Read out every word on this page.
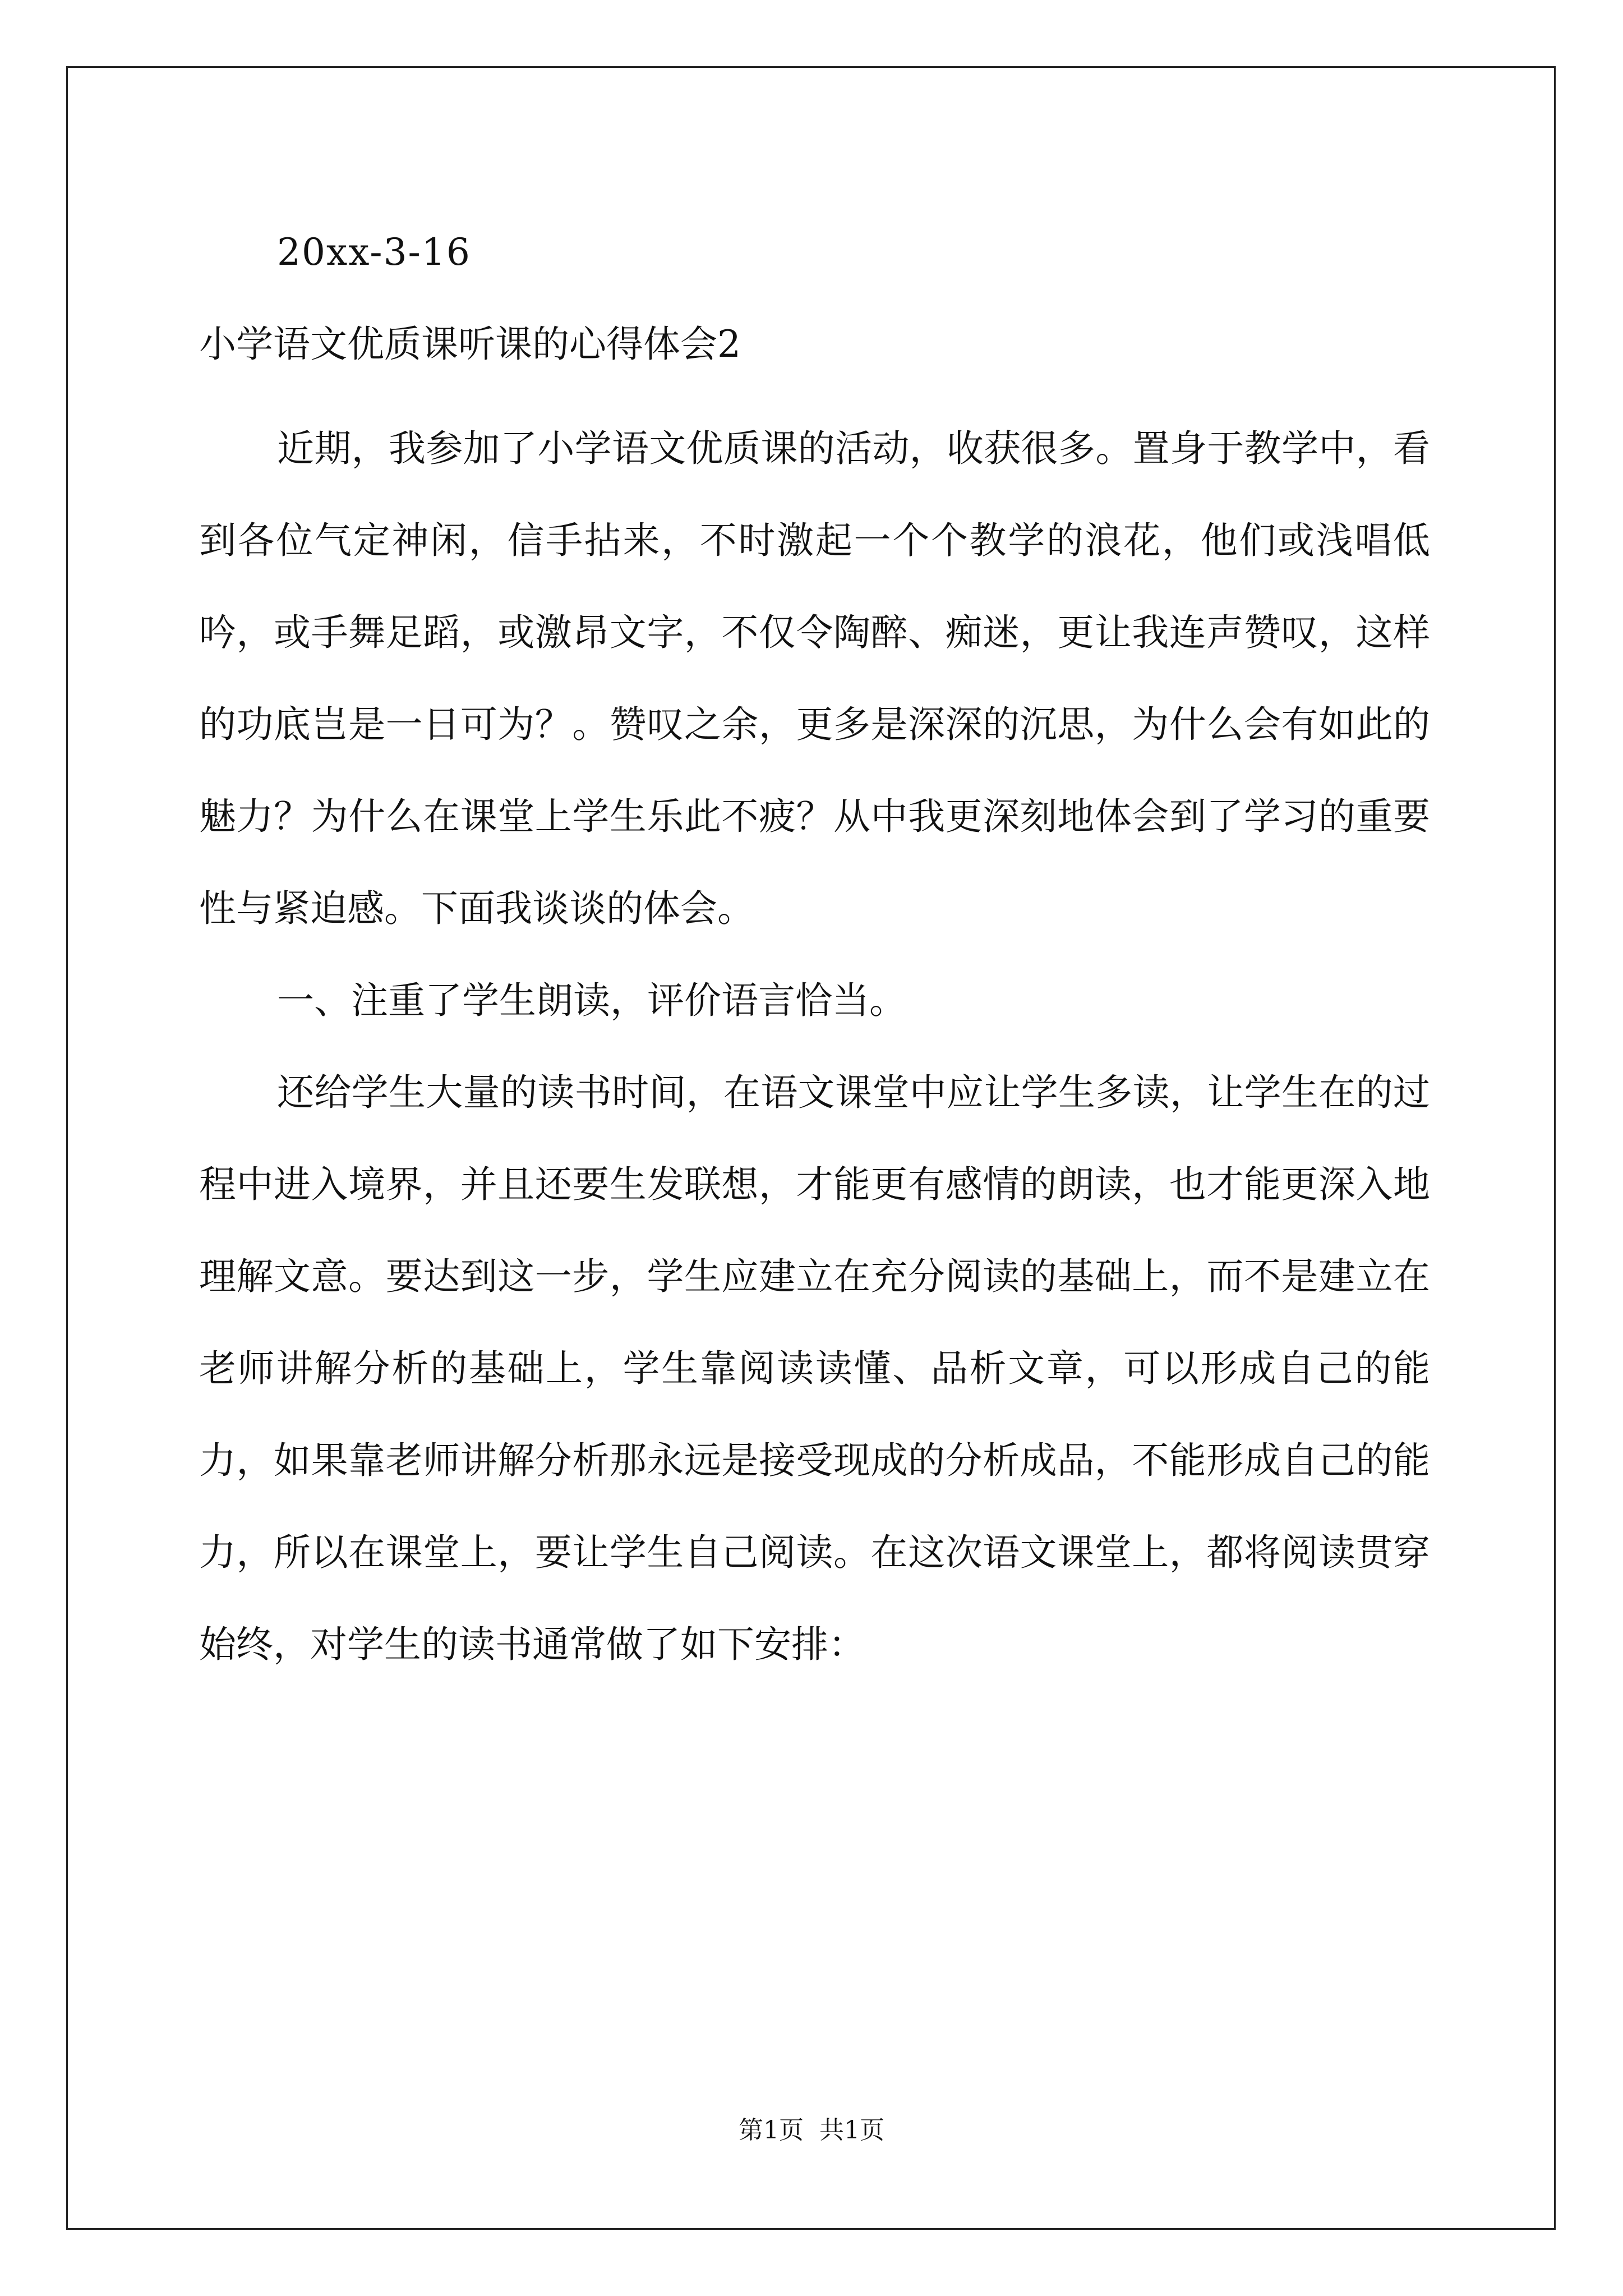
20xx-3-16
小学语文优质课听课的心得体会2

近期，我参加了小学语文优质课的活动，收获很多。置身于教学中，看到各位气定神闲，信手拈来，不时激起一个个教学的浪花，他们或浅唱低吟，或手舞足蹈，或激昂文字，不仅令陶醉、痴迷，更让我连声赞叹，这样的功底岂是一日可为？。赞叹之余，更多是深深的沉思，为什么会有如此的魅力？为什么在课堂上学生乐此不疲？从中我更深刻地体会到了学习的重要性与紧迫感。下面我谈谈的体会。

一、注重了学生朗读，评价语言恰当。

还给学生大量的读书时间，在语文课堂中应让学生多读，让学生在的过程中进入境界，并且还要生发联想，才能更有感情的朗读，也才能更深入地理解文意。要达到这一步，学生应建立在充分阅读的基础上，而不是建立在老师讲解分析的基础上，学生靠阅读读懂、品析文章，可以形成自己的能力，如果靠老师讲解分析那永远是接受现成的分析成品，不能形成自己的能力，所以在课堂上，要让学生自己阅读。在这次语文课堂上，都将阅读贯穿始终，对学生的读书通常做了如下安排：

第1页 共1页
